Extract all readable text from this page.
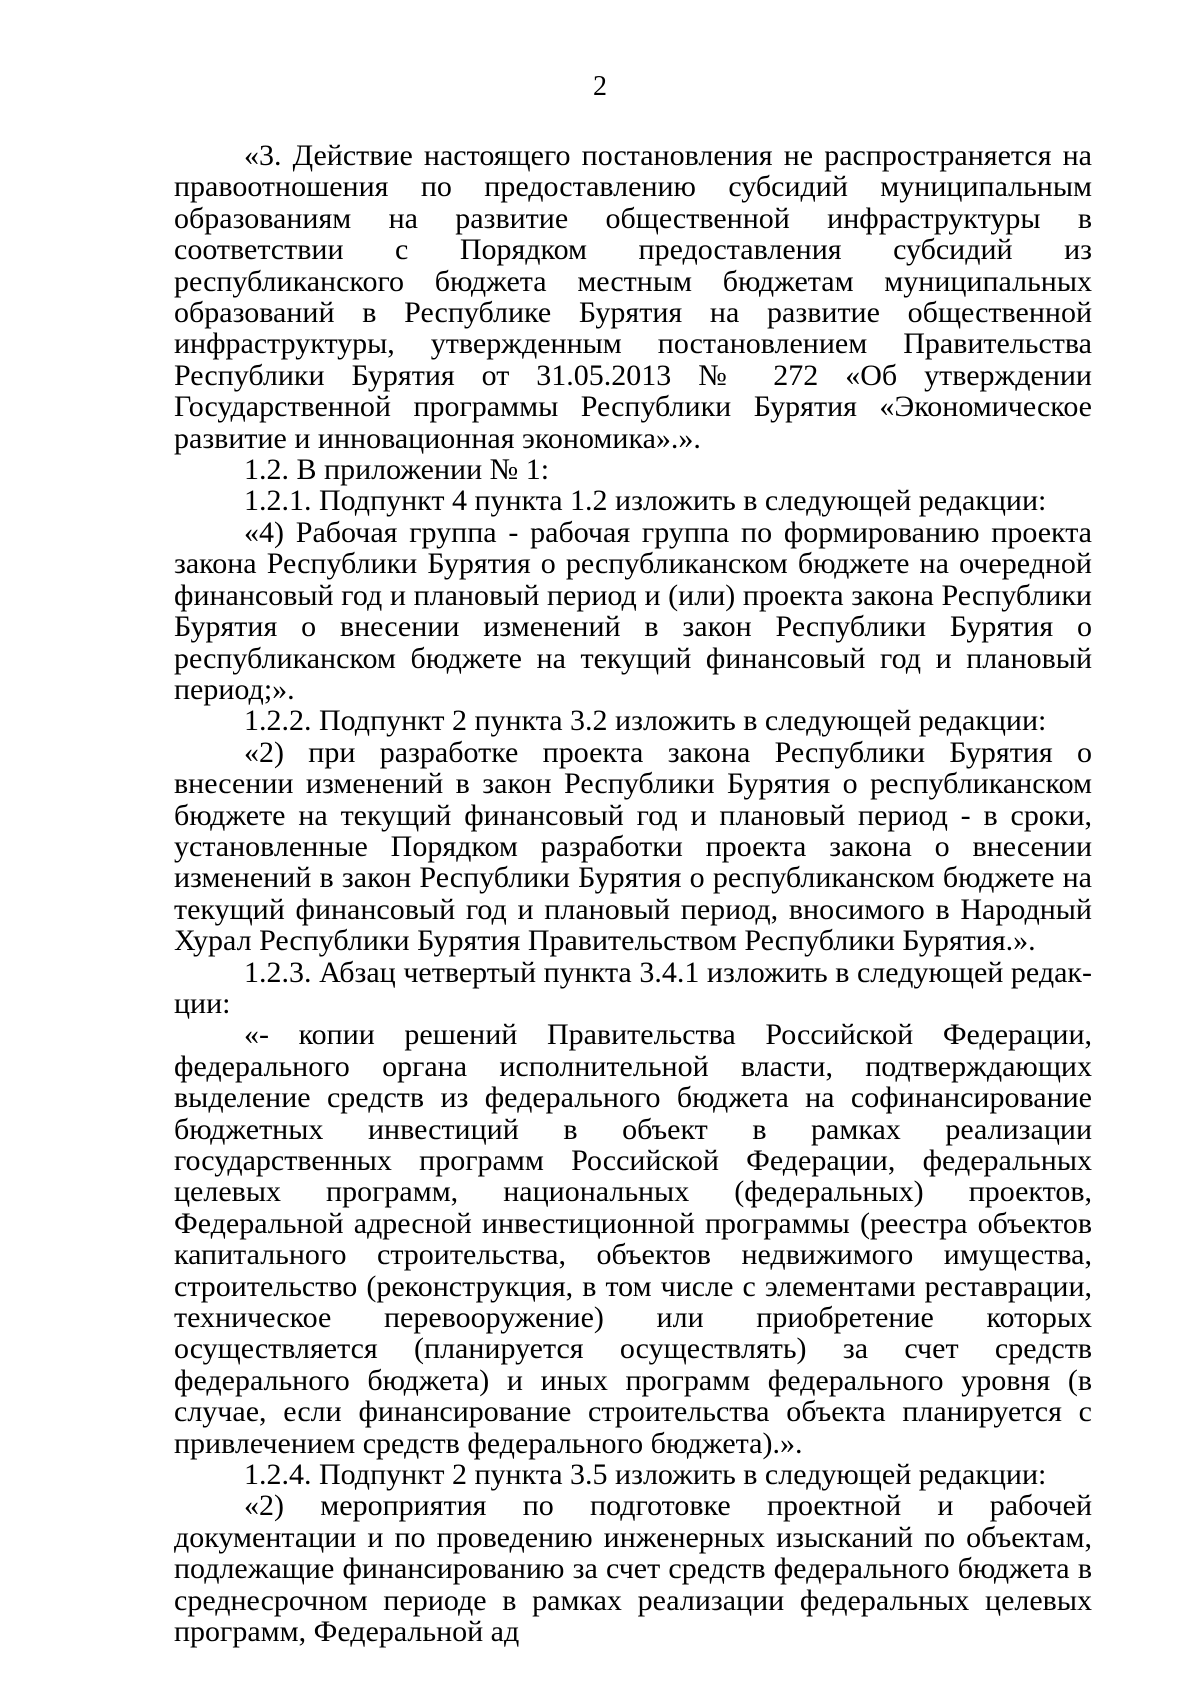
2

«3. Действие настоящего постановления не распространяется на правоотношения по предоставлению субсидий муниципальным образованиям на развитие общественной инфраструктуры в соответствии с Порядком предоставления субсидий из республиканского бюджета местным бюджетам муниципальных образований в Республике Бурятия на развитие общественной инфраструктуры, утвержденным постановлением Правительства Республики Бурятия от 31.05.2013 № 272 «Об утверждении Государственной программы Республики Бурятия «Экономическое развитие и инновационная экономика».».

1.2. В приложении № 1:

1.2.1. Подпункт 4 пункта 1.2 изложить в следующей редакции:

«4) Рабочая группа - рабочая группа по формированию проекта закона Республики Бурятия о республиканском бюджете на очередной финансовый год и плановый период и (или) проекта закона Республики Бурятия о внесении изменений в закон Республики Бурятия о республиканском бюджете на текущий финансовый год и плановый период;».

1.2.2. Подпункт 2 пункта 3.2 изложить в следующей редакции:

«2) при разработке проекта закона Республики Бурятия о внесении изменений в закон Республики Бурятия о республиканском бюджете на текущий финансовый год и плановый период - в сроки, установленные Порядком разработки проекта закона о внесении изменений в закон Республики Бурятия о республиканском бюджете на текущий финансовый год и плановый период, вносимого в Народный Хурал Республики Бурятия Правительством Республики Бурятия.».

1.2.3. Абзац четвертый пункта 3.4.1 изложить в следующей редакции:

«- копии решений Правительства Российской Федерации, федерального органа исполнительной власти, подтверждающих выделение средств из федерального бюджета на софинансирование бюджетных инвестиций в объект в рамках реализации государственных программ Российской Федерации, федеральных целевых программ, национальных (федеральных) проектов, Федеральной адресной инвестиционной программы (реестра объектов капитального строительства, объектов недвижимого имущества, строительство (реконструкция, в том числе с элементами реставрации, техническое перевооружение) или приобретение которых осуществляется (планируется осуществлять) за счет средств федерального бюджета) и иных программ федерального уровня (в случае, если финансирование строительства объекта планируется с привлечением средств федерального бюджета).».

1.2.4. Подпункт 2 пункта 3.5 изложить в следующей редакции:

«2) мероприятия по подготовке проектной и рабочей документации и по проведению инженерных изысканий по объектам, подлежащие финансированию за счет средств федерального бюджета в среднесрочном периоде в рамках реализации федеральных целевых программ, Федеральной ад
